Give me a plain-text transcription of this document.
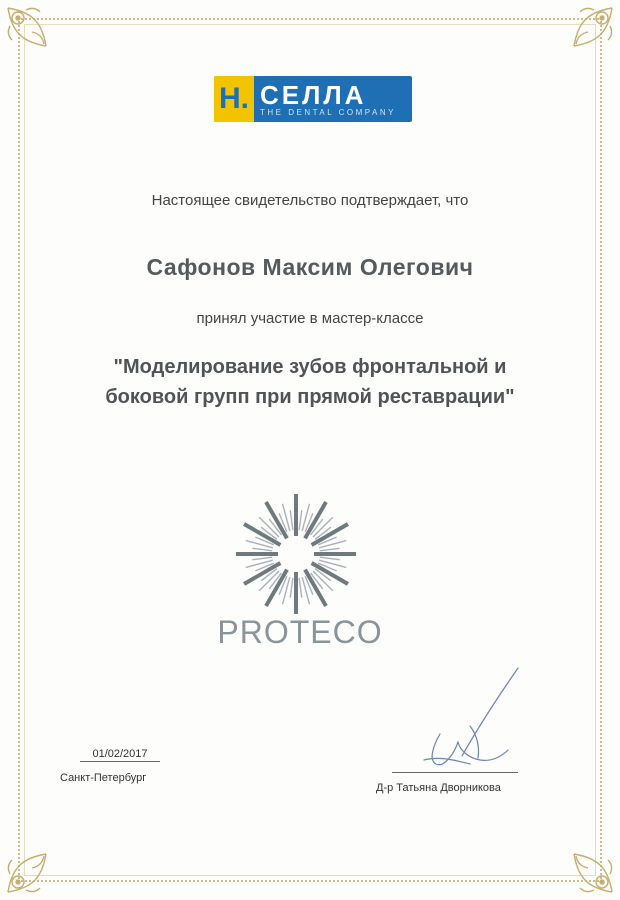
Н. СЕЛЛА
THE DENTAL COMPANY
Настоящее свидетельство подтверждает, что
Сафонов Максим Олегович
принял участие в мастер-классе
"Моделирование зубов фронтальной и
боковой групп при прямой реставрации"
PROTECO
01/02/2017
Санкт-Петербург
Д-р Татьяна Дворникова
